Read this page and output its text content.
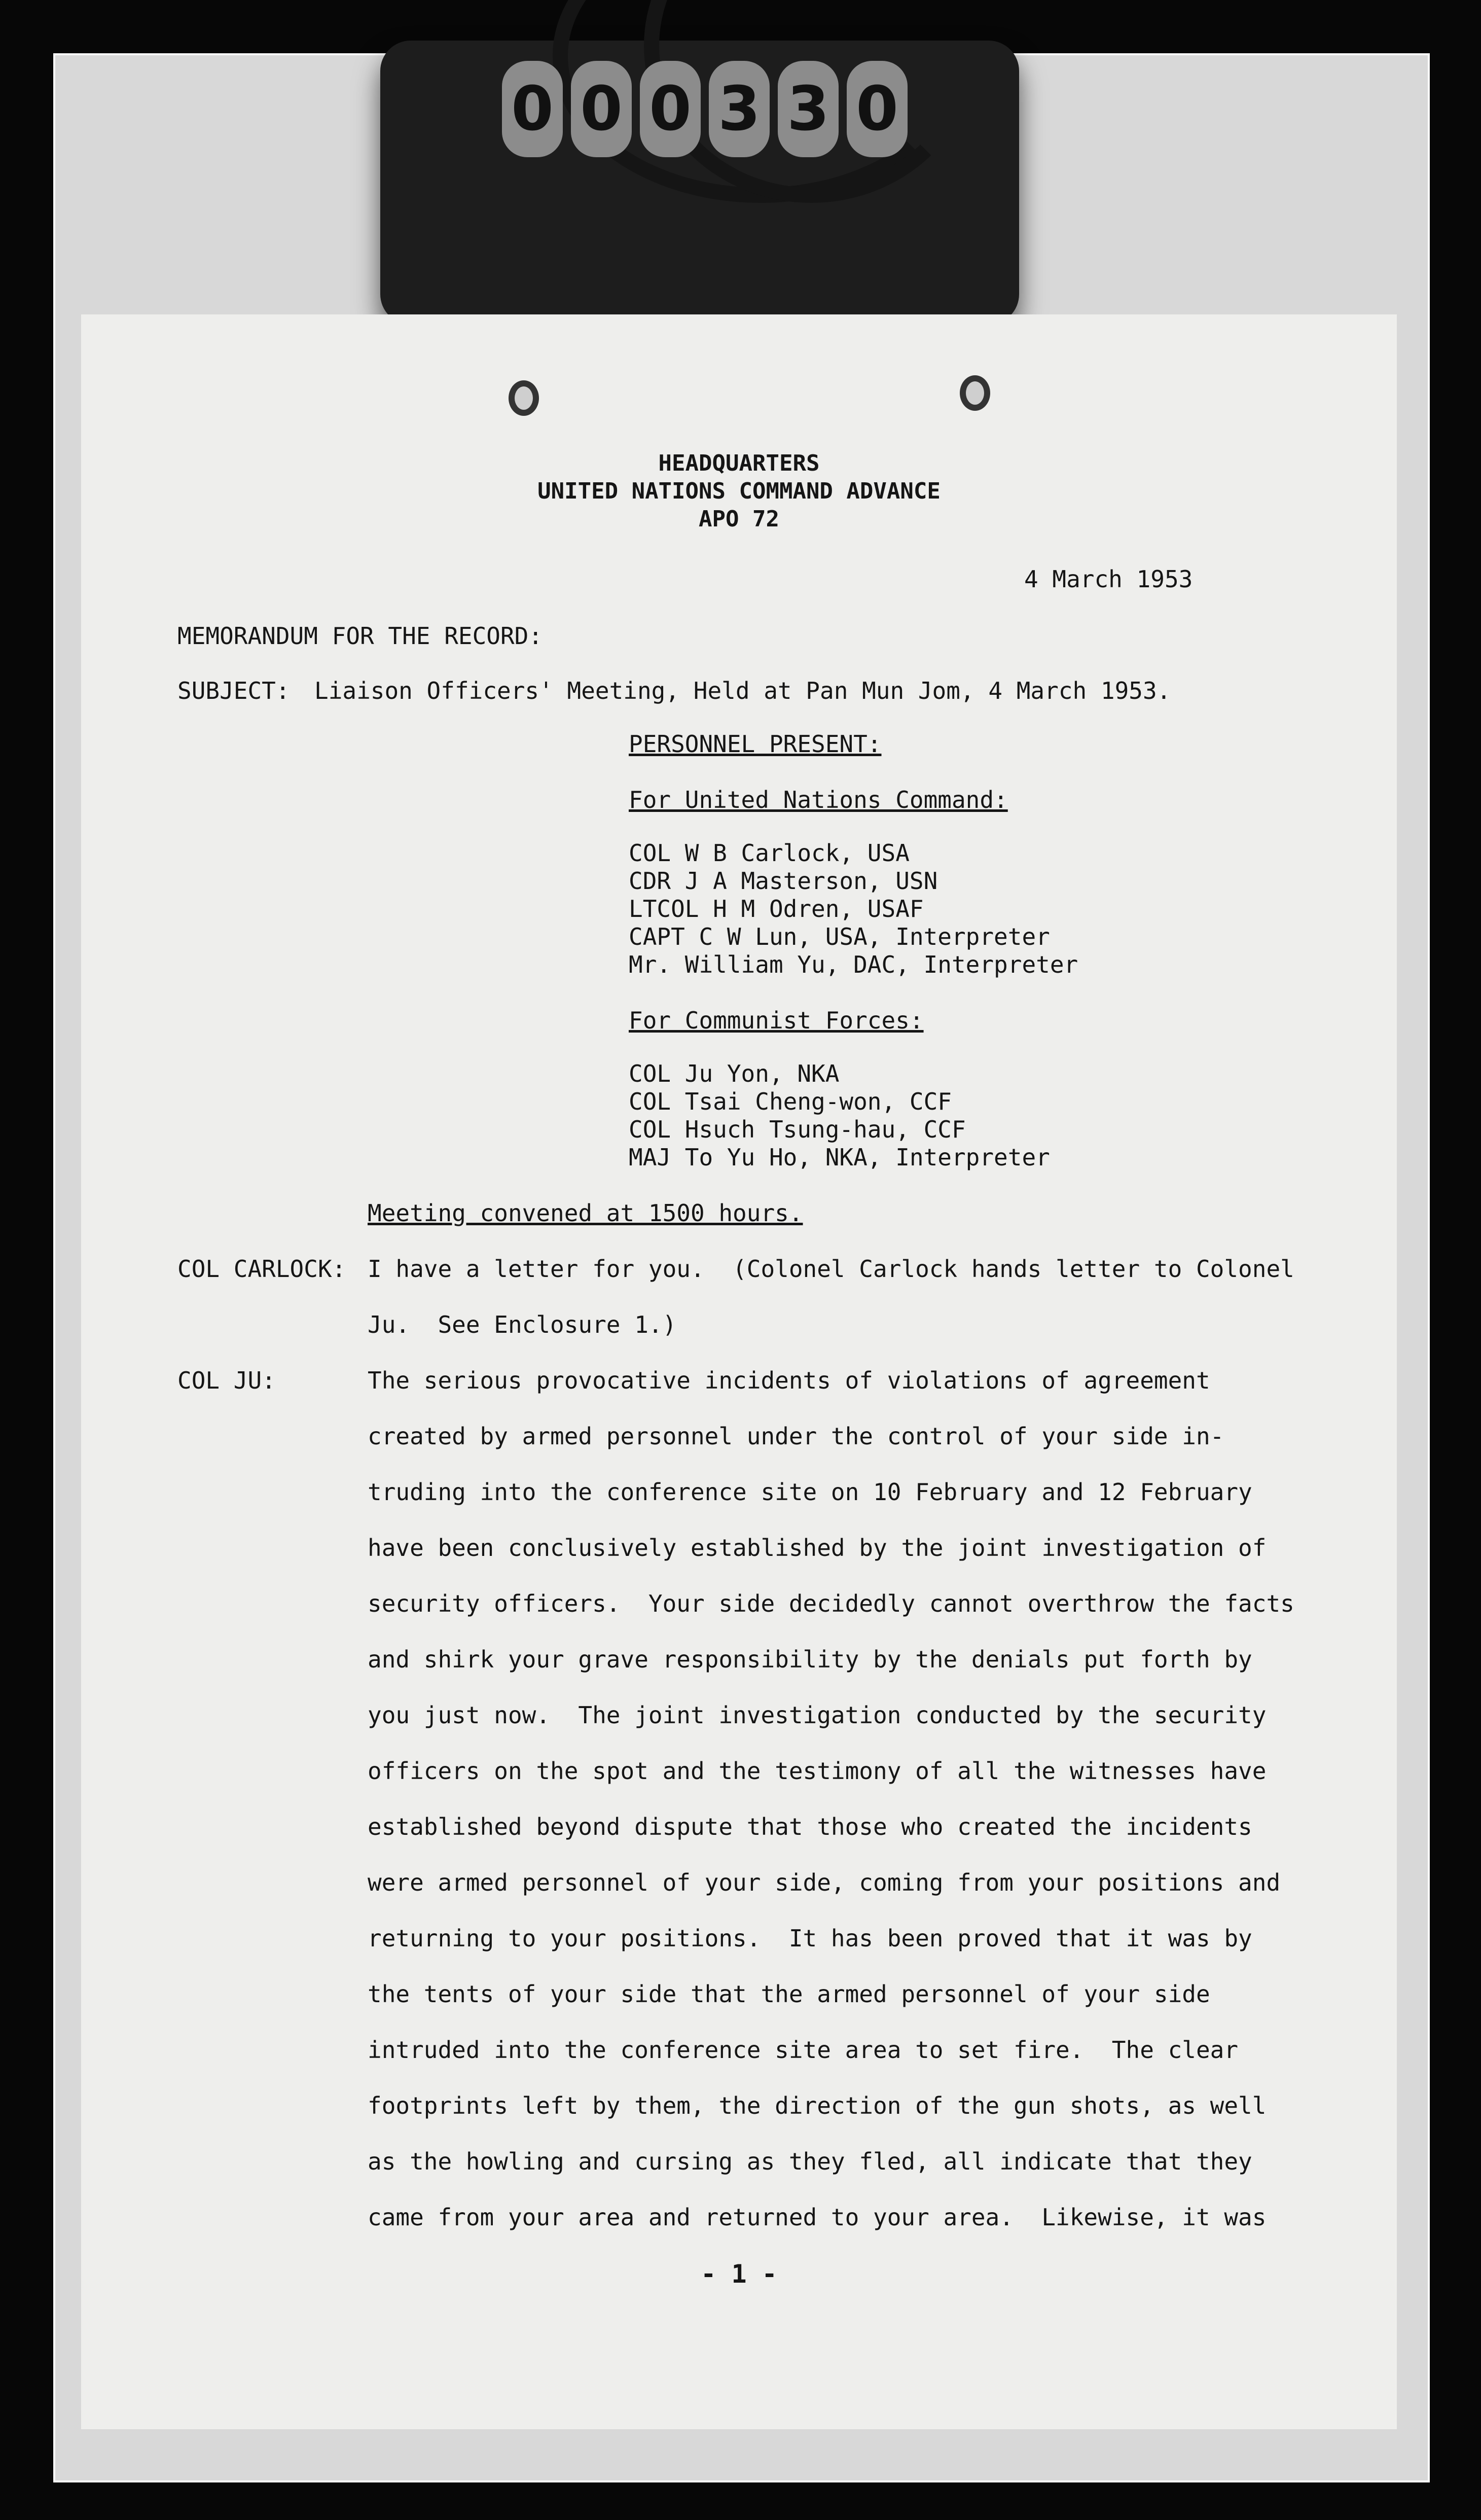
0 0 0 3 3 0
HEADQUARTERS
UNITED NATIONS COMMAND ADVANCE
APO 72
4 March 1953
MEMORANDUM FOR THE RECORD:
SUBJECT: Liaison Officers' Meeting, Held at Pan Mun Jom, 4 March 1953.
PERSONNEL PRESENT:
For United Nations Command:
COL W B Carlock, USA
CDR J A Masterson, USN
LTCOL H M Odren, USAF
CAPT C W Lun, USA, Interpreter
Mr. William Yu, DAC, Interpreter
For Communist Forces:
COL Ju Yon, NKA
COL Tsai Cheng-won, CCF
COL Hsuch Tsung-hau, CCF
MAJ To Yu Ho, NKA, Interpreter
Meeting convened at 1500 hours.
COL CARLOCK: I have a letter for you.  (Colonel Carlock hands letter to Colonel
Ju.  See Enclosure 1.)
COL JU:	The serious provocative incidents of violations of agreement
created by armed personnel under the control of your side in-
truding into the conference site on 10 February and 12 February
have been conclusively established by the joint investigation of
security officers.  Your side decidedly cannot overthrow the facts
and shirk your grave responsibility by the denials put forth by
you just now.  The joint investigation conducted by the security
officers on the spot and the testimony of all the witnesses have
established beyond dispute that those who created the incidents
were armed personnel of your side, coming from your positions and
returning to your positions.  It has been proved that it was by
the tents of your side that the armed personnel of your side
intruded into the conference site area to set fire.  The clear
footprints left by them, the direction of the gun shots, as well
as the howling and cursing as they fled, all indicate that they
came from your area and returned to your area.  Likewise, it was
- 1 -
